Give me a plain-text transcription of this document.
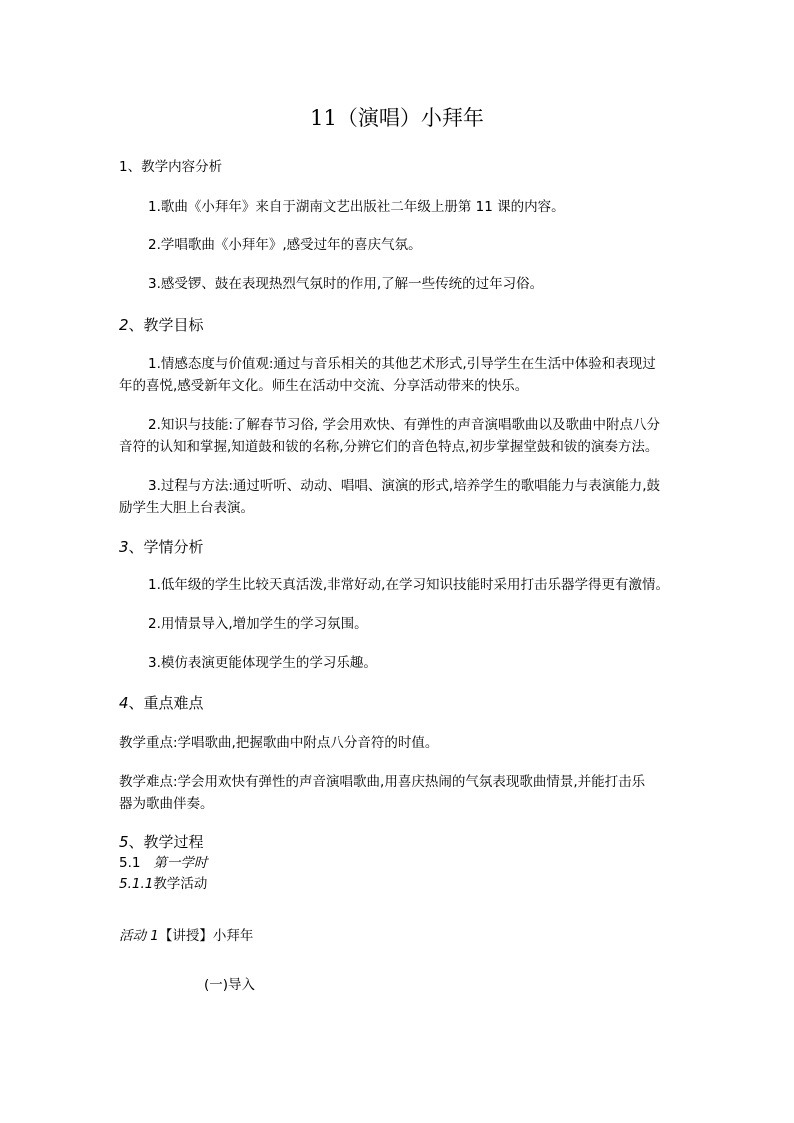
11（演唱）小拜年
1、教学内容分析
1.歌曲《小拜年》来自于湖南文艺出版社二年级上册第 11 课的内容。
2.学唱歌曲《小拜年》,感受过年的喜庆气氛。
3.感受锣、鼓在表现热烈气氛时的作用,了解一些传统的过年习俗。
2、教学目标
1.情感态度与价值观:通过与音乐相关的其他艺术形式,引导学生在生活中体验和表现过
年的喜悦,感受新年文化。师生在活动中交流、分享活动带来的快乐。
2.知识与技能:了解春节习俗, 学会用欢快、有弹性的声音演唱歌曲以及歌曲中附点八分
音符的认知和掌握,知道鼓和钹的名称,分辨它们的音色特点,初步掌握堂鼓和钹的演奏方法。
3.过程与方法:通过听听、动动、唱唱、演演的形式,培养学生的歌唱能力与表演能力,鼓
励学生大胆上台表演。
3、学情分析
1.低年级的学生比较天真活泼,非常好动,在学习知识技能时采用打击乐器学得更有激情。
2.用情景导入,增加学生的学习氛围。
3.模仿表演更能体现学生的学习乐趣。
4、重点难点
教学重点:学唱歌曲,把握歌曲中附点八分音符的时值。
教学难点:学会用欢快有弹性的声音演唱歌曲,用喜庆热闹的气氛表现歌曲情景,并能打击乐
器为歌曲伴奏。
5、教学过程
5.1 第一学时
5.1.1教学活动
活动 1【讲授】小拜年
(一)导入
